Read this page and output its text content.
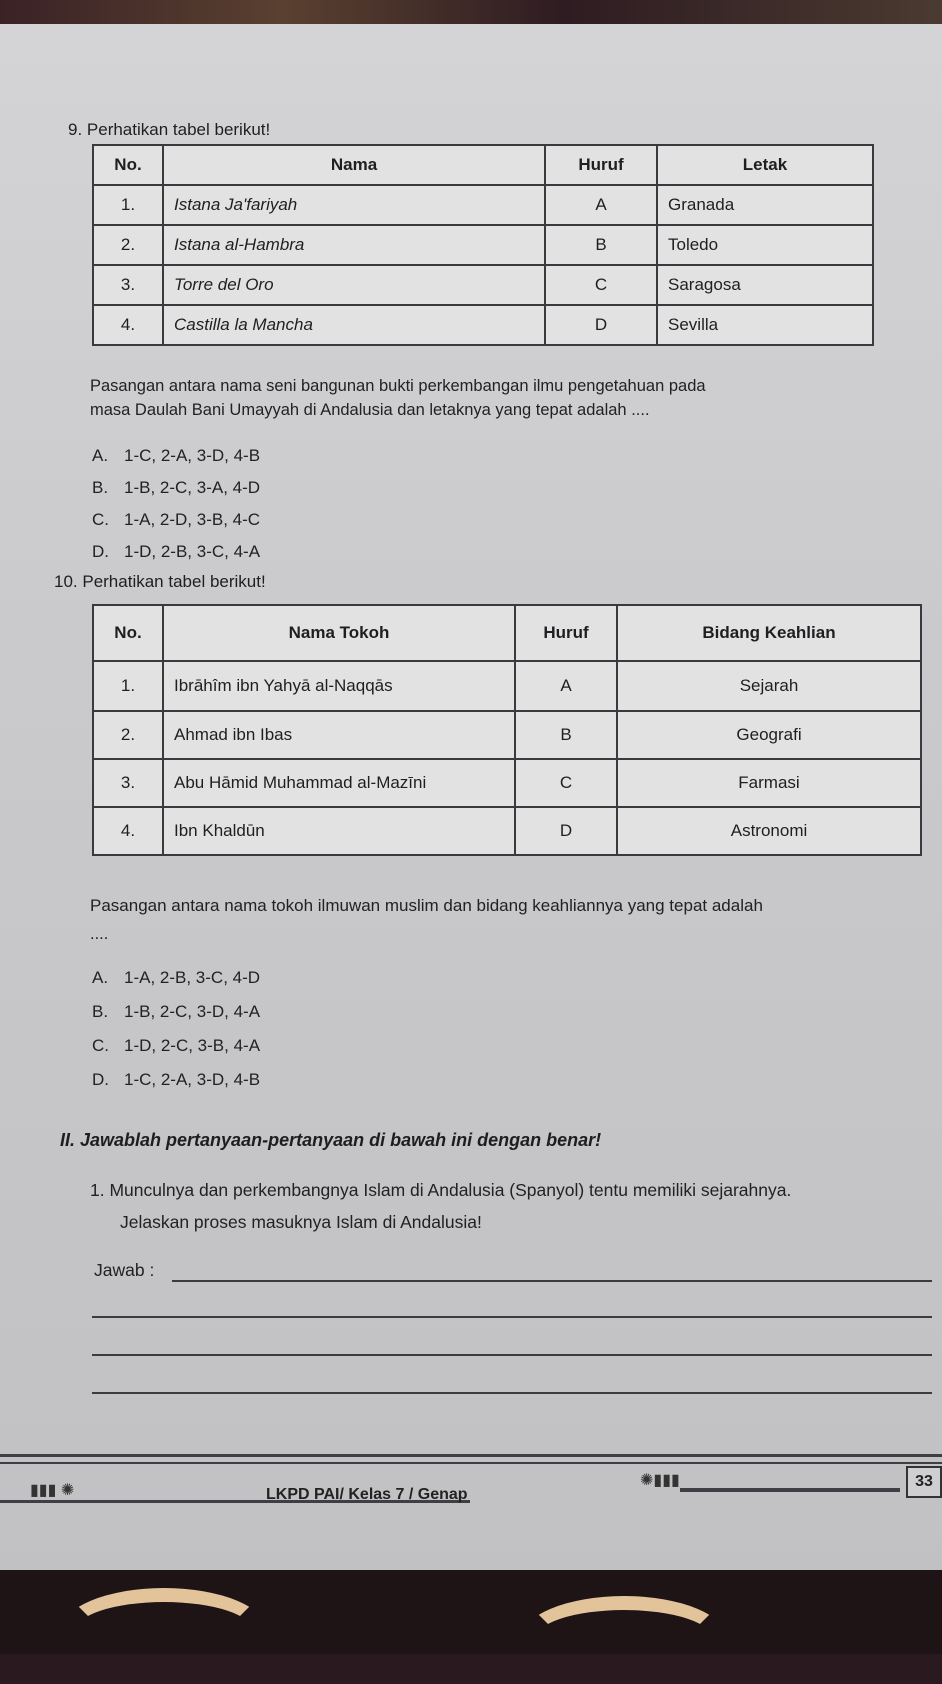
9. Perhatikan tabel berikut!
No.	Nama	Huruf	Letak
1.	Istana Ja'fariyah	A	Granada
2.	Istana al-Hambra	B	Toledo
3.	Torre del Oro	C	Saragosa
4.	Castilla la Mancha	D	Sevilla
Pasangan antara nama seni bangunan bukti perkembangan ilmu pengetahuan pada
masa Daulah Bani Umayyah di Andalusia dan letaknya yang tepat adalah ....
A. 1-C, 2-A, 3-D, 4-B
B. 1-B, 2-C, 3-A, 4-D
C. 1-A, 2-D, 3-B, 4-C
D. 1-D, 2-B, 3-C, 4-A
10. Perhatikan tabel berikut!
No.	Nama Tokoh	Huruf	Bidang Keahlian
1.	Ibrāhîm ibn Yahyā al-Naqqās	A	Sejarah
2.	Ahmad ibn Ibas	B	Geografi
3.	Abu Hāmid Muhammad al-Mazīni	C	Farmasi
4.	Ibn Khaldūn	D	Astronomi
Pasangan antara nama tokoh ilmuwan muslim dan bidang keahliannya yang tepat adalah
....
A. 1-A, 2-B, 3-C, 4-D
B. 1-B, 2-C, 3-D, 4-A
C. 1-D, 2-C, 3-B, 4-A
D. 1-C, 2-A, 3-D, 4-B
II. Jawablah pertanyaan-pertanyaan di bawah ini dengan benar!
1. Munculnya dan perkembangnya Islam di Andalusia (Spanyol) tentu memiliki sejarahnya.
Jelaskan proses masuknya Islam di Andalusia!
Jawab :
▮▮▮ ✺
✺▮▮▮
LKPD PAI/ Kelas 7 / Genap
33
